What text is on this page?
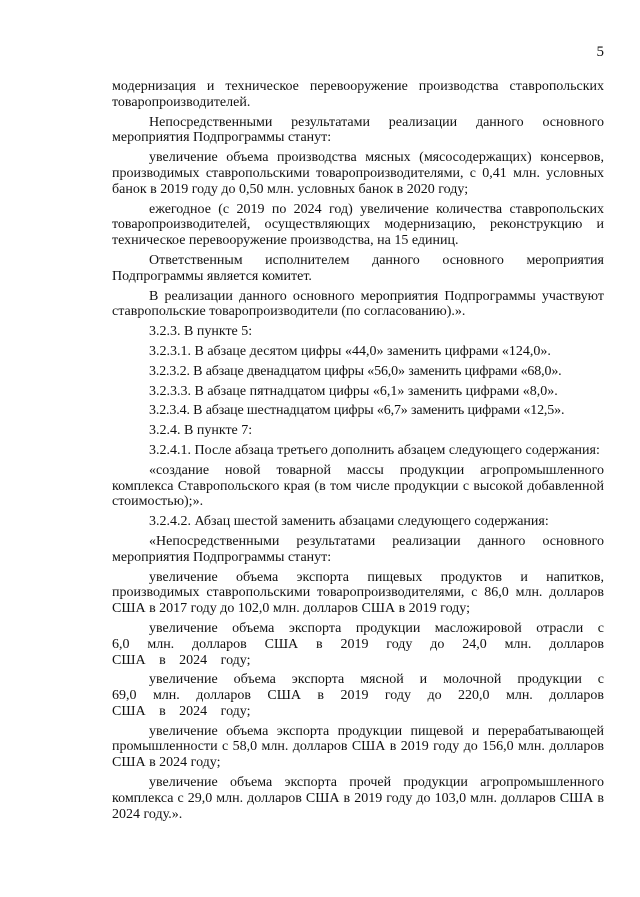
5

модернизация и техническое перевооружение производства ставропольских товаропроизводителей.

Непосредственными результатами реализации данного основного мероприятия Подпрограммы станут:

увеличение объема производства мясных (мясосодержащих) консервов, производимых ставропольскими товаропроизводителями, с 0,41 млн. условных банок в 2019 году до 0,50 млн. условных банок в 2020 году;

ежегодное (с 2019 по 2024 год) увеличение количества ставропольских товаропроизводителей, осуществляющих модернизацию, реконструкцию и техническое перевооружение производства, на 15 единиц.

Ответственным исполнителем данного основного мероприятия Подпрограммы является комитет.

В реализации данного основного мероприятия Подпрограммы участвуют ставропольские товаропроизводители (по согласованию).».

3.2.3. В пункте 5:

3.2.3.1. В абзаце десятом цифры «44,0» заменить цифрами «124,0».

3.2.3.2. В абзаце двенадцатом цифры «56,0» заменить цифрами «68,0».

3.2.3.3. В абзаце пятнадцатом цифры «6,1» заменить цифрами «8,0».

3.2.3.4. В абзаце шестнадцатом цифры «6,7» заменить цифрами «12,5».

3.2.4. В пункте 7:

3.2.4.1. После абзаца третьего дополнить абзацем следующего содержания:

«создание новой товарной массы продукции агропромышленного комплекса Ставропольского края (в том числе продукции с высокой добавленной стоимостью);».

3.2.4.2. Абзац шестой заменить абзацами следующего содержания:

«Непосредственными результатами реализации данного основного мероприятия Подпрограммы станут:

увеличение объема экспорта пищевых продуктов и напитков, производимых ставропольскими товаропроизводителями, с 86,0 млн. долларов США в 2017 году до 102,0 млн. долларов США в 2019 году;

увеличение объема экспорта продукции масложировой отрасли с 6,0 млн. долларов США в 2019 году до 24,0 млн. долларов США в 2024 году;

увеличение объема экспорта мясной и молочной продукции с 69,0 млн. долларов США в 2019 году до 220,0 млн. долларов США в 2024 году;

увеличение объема экспорта продукции пищевой и перерабатывающей промышленности с 58,0 млн. долларов США в 2019 году до 156,0 млн. долларов США в 2024 году;

увеличение объема экспорта прочей продукции агропромышленного комплекса с 29,0 млн. долларов США в 2019 году до 103,0 млн. долларов США в 2024 году.».
